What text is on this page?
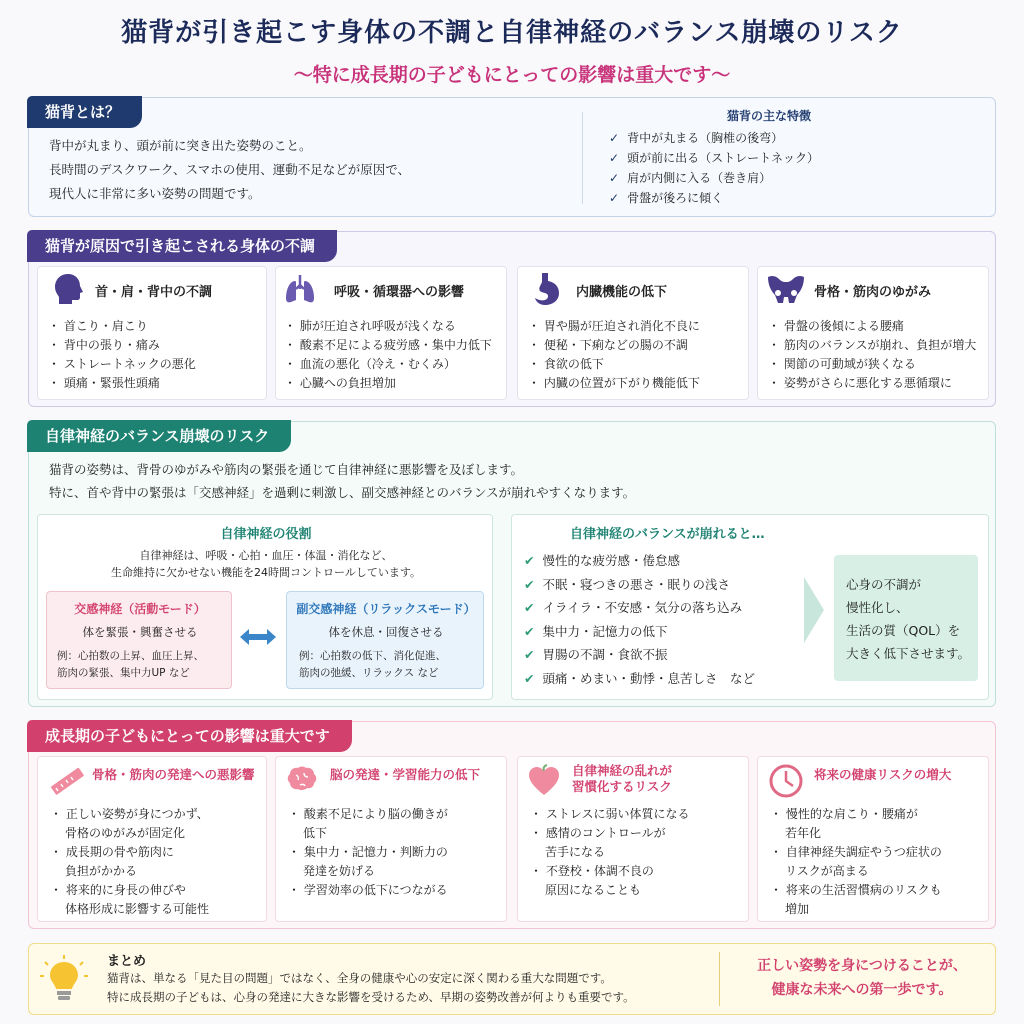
猫背が引き起こす身体の不調と自律神経のバランス崩壊のリスク
〜特に成長期の子どもにとっての影響は重大です〜
猫背とは？
背中が丸まり、頭が前に突き出た姿勢のこと。
長時間のデスクワーク、スマホの使用、運動不足などが原因で、
現代人に非常に多い姿勢の問題です。
猫背の主な特徴
✓ 背中が丸まる（胸椎の後弯）
✓ 頭が前に出る（ストレートネック）
✓ 肩が内側に入る（巻き肩）
✓ 骨盤が後ろに傾く
猫背が原因で引き起こされる身体の不調
首・肩・背中の不調
・ 首こり・肩こり
・ 背中の張り・痛み
・ ストレートネックの悪化
・ 頭痛・緊張性頭痛
呼吸・循環器への影響
・ 肺が圧迫され呼吸が浅くなる
・ 酸素不足による疲労感・集中力低下
・ 血流の悪化（冷え・むくみ）
・ 心臓への負担増加
内臓機能の低下
・ 胃や腸が圧迫され消化不良に
・ 便秘・下痢などの腸の不調
・ 食欲の低下
・ 内臓の位置が下がり機能低下
骨格・筋肉のゆがみ
・ 骨盤の後傾による腰痛
・ 筋肉のバランスが崩れ、負担が増大
・ 関節の可動域が狭くなる
・ 姿勢がさらに悪化する悪循環に
自律神経のバランス崩壊のリスク
猫背の姿勢は、背骨のゆがみや筋肉の緊張を通じて自律神経に悪影響を及ぼします。
特に、首や背中の緊張は「交感神経」を過剰に刺激し、副交感神経とのバランスが崩れやすくなります。
自律神経の役割
自律神経は、呼吸・心拍・血圧・体温・消化など、
生命維持に欠かせない機能を24時間コントロールしています。
交感神経（活動モード）
体を緊張・興奮させる
例：心拍数の上昇、血圧上昇、
筋肉の緊張、集中力UP など
副交感神経（リラックスモード）
体を休息・回復させる
例：心拍数の低下、消化促進、
筋肉の弛緩、リラックス など
自律神経のバランスが崩れると…
✔ 慢性的な疲労感・倦怠感
✔ 不眠・寝つきの悪さ・眠りの浅さ
✔ イライラ・不安感・気分の落ち込み
✔ 集中力・記憶力の低下
✔ 胃腸の不調・食欲不振
✔ 頭痛・めまい・動悸・息苦しさ　など
心身の不調が
慢性化し、
生活の質（QOL）を
大きく低下させます。
成長期の子どもにとっての影響は重大です
骨格・筋肉の発達への悪影響
・ 正しい姿勢が身につかず、
骨格のゆがみが固定化
・ 成長期の骨や筋肉に
負担がかかる
・ 将来的に身長の伸びや
体格形成に影響する可能性
脳の発達・学習能力の低下
・ 酸素不足により脳の働きが
低下
・ 集中力・記憶力・判断力の
発達を妨げる
・ 学習効率の低下につながる
自律神経の乱れが
習慣化するリスク
・ ストレスに弱い体質になる
・ 感情のコントロールが
苦手になる
・ 不登校・体調不良の
原因になることも
将来の健康リスクの増大
・ 慢性的な肩こり・腰痛が
若年化
・ 自律神経失調症やうつ症状の
リスクが高まる
・ 将来の生活習慣病のリスクも
増加
まとめ
猫背は、単なる「見た目の問題」ではなく、全身の健康や心の安定に深く関わる重大な問題です。
特に成長期の子どもは、心身の発達に大きな影響を受けるため、早期の姿勢改善が何よりも重要です。
正しい姿勢を身につけることが、
健康な未来への第一歩です。
